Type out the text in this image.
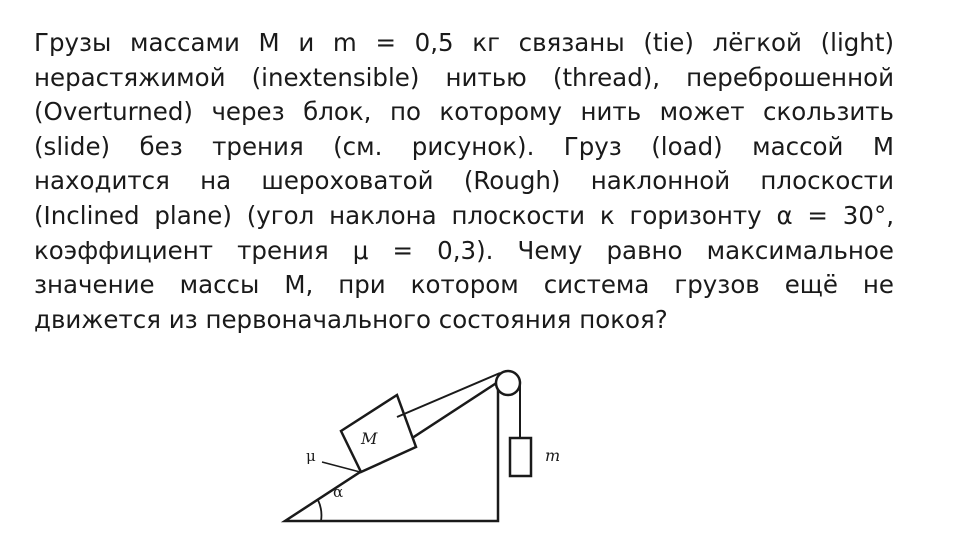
Грузы массами M и m = 0,5 кг связаны (tie) лёгкой (light)
нерастяжимой (inextensible) нитью (thread), переброшенной
(Overturned) через блок, по которому нить может скользить
(slide) без трения (см. рисунок). Груз (load) массой M
находится на шероховатой (Rough) наклонной плоскости
(Inclined plane) (угол наклона плоскости к горизонту α = 30°,
коэффициент трения μ = 0,3). Чему равно максимальное
значение массы M, при котором система грузов ещё не
движется из первоначального состояния покоя?
M
m
μ
α
